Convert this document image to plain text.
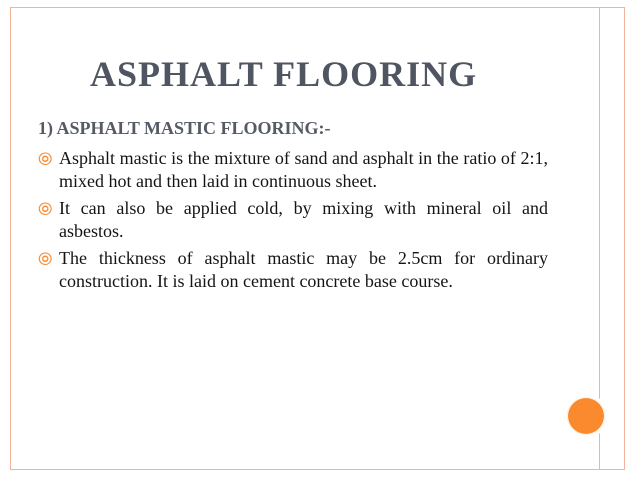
ASPHALT FLOORING
1) ASPHALT MASTIC FLOORING:-
⦾ Asphalt mastic is the mixture of sand and asphalt in the ratio of 2:1, mixed hot and then laid in continuous sheet.
⦾ It can also be applied cold, by mixing with mineral oil and asbestos.
⦾ The thickness of asphalt mastic may be 2.5cm for ordinary construction. It is laid on cement concrete base course.
